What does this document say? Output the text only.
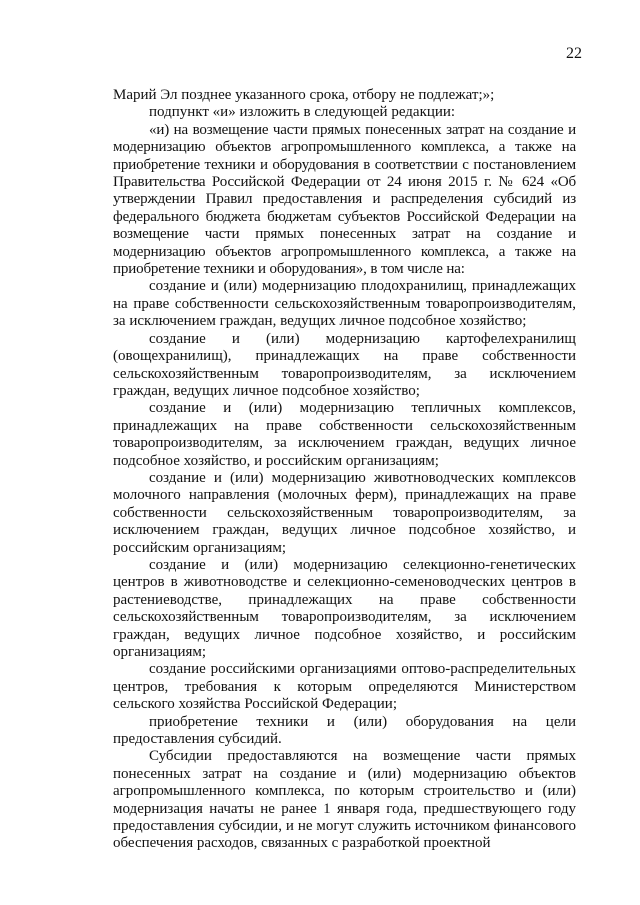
22

Марий Эл позднее указанного срока, отбору не подлежат;»;

подпункт «и» изложить в следующей редакции:

«и) на возмещение части прямых понесенных затрат на создание и модернизацию объектов агропромышленного комплекса, а также на приобретение техники и оборудования в соответствии с постановлением Правительства Российской Федерации от 24 июня 2015 г. № 624 «Об утверждении Правил предоставления и распределения субсидий из федерального бюджета бюджетам субъектов Российской Федерации на возмещение части прямых понесенных затрат на создание и модернизацию объектов агропромышленного комплекса, а также на приобретение техники и оборудования», в том числе на:

создание и (или) модернизацию плодохранилищ, принадлежащих на праве собственности сельскохозяйственным товаропроизводителям, за исключением граждан, ведущих личное подсобное хозяйство;

создание и (или) модернизацию картофелехранилищ (овощехранилищ), принадлежащих на праве собственности сельскохозяйственным товаропроизводителям, за исключением граждан, ведущих личное подсобное хозяйство;

создание и (или) модернизацию тепличных комплексов, принадлежащих на праве собственности сельскохозяйственным товаропроизводителям, за исключением граждан, ведущих личное подсобное хозяйство, и российским организациям;

создание и (или) модернизацию животноводческих комплексов молочного направления (молочных ферм), принадлежащих на праве собственности сельскохозяйственным товаропроизводителям, за исключением граждан, ведущих личное подсобное хозяйство, и российским организациям;

создание и (или) модернизацию селекционно-генетических центров в животноводстве и селекционно-семеноводческих центров в растениеводстве, принадлежащих на праве собственности сельскохозяйственным товаропроизводителям, за исключением граждан, ведущих личное подсобное хозяйство, и российским организациям;

создание российскими организациями оптово-распределительных центров, требования к которым определяются Министерством сельского хозяйства Российской Федерации;

приобретение техники и (или) оборудования на цели предоставления субсидий.

Субсидии предоставляются на возмещение части прямых понесенных затрат на создание и (или) модернизацию объектов агропромышленного комплекса, по которым строительство и (или) модернизация начаты не ранее 1 января года, предшествующего году предоставления субсидии, и не могут служить источником финансового обеспечения расходов, связанных с разработкой проектной
